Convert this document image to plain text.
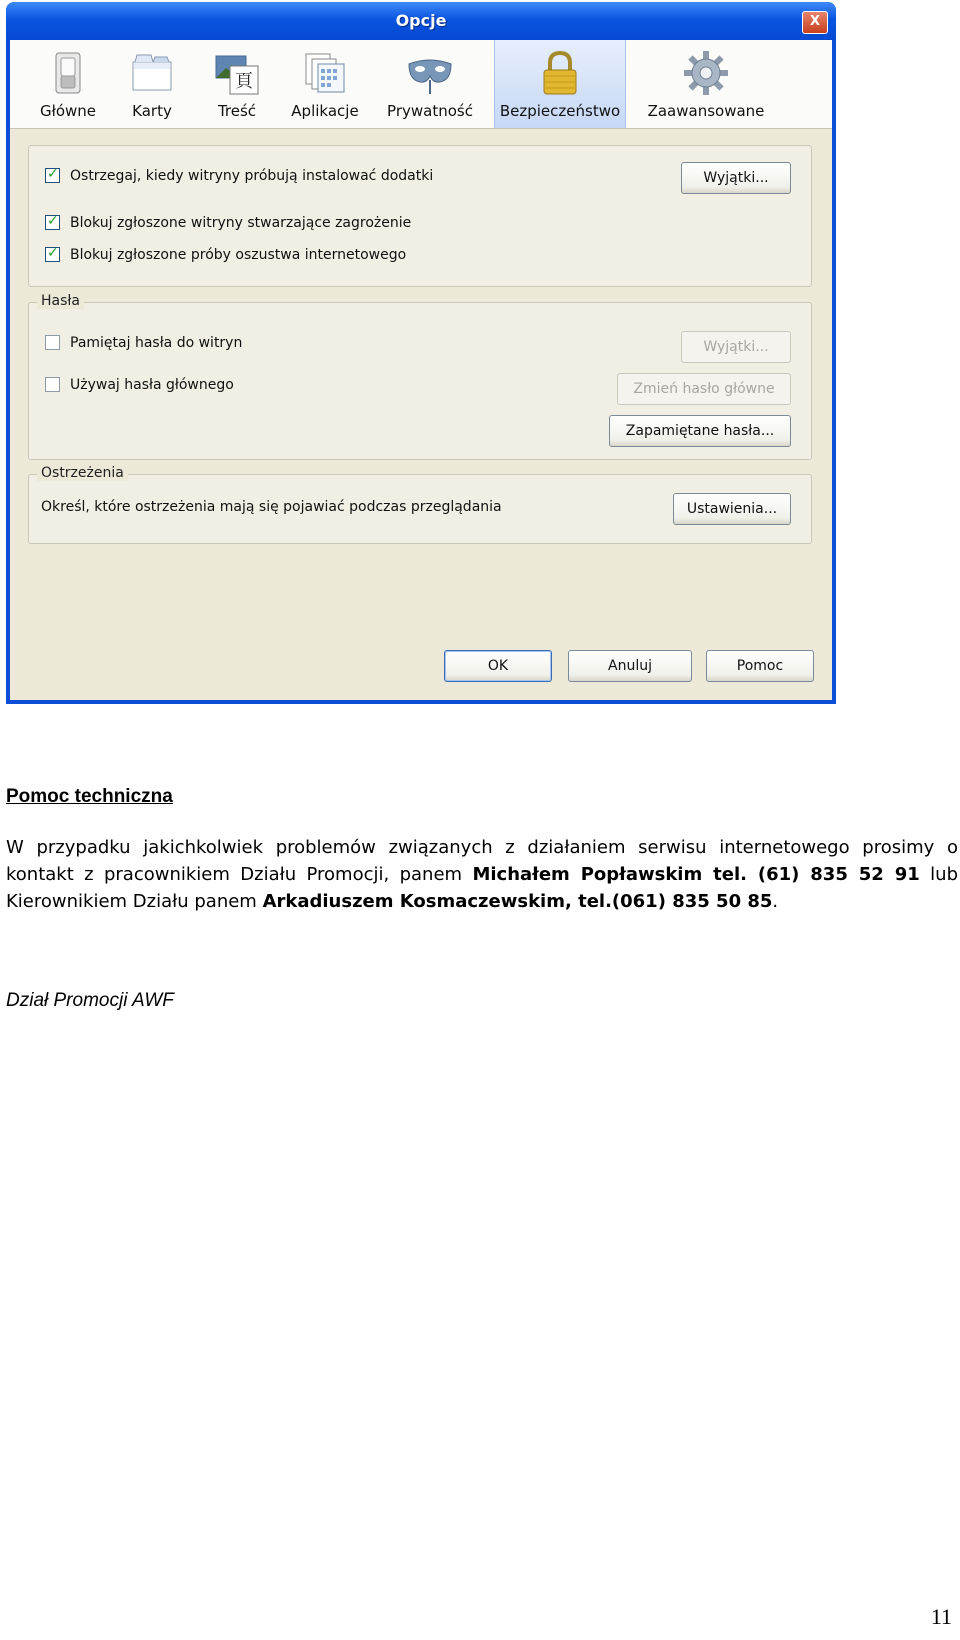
Opcje	X
Główne	Karty
頁
Treść	Aplikacje	Prywatność	Bezpieczeństwo	Zaawansowane
✓Ostrzegaj, kiedy witryny próbują instalować dodatki	Wyjątki...
✓Blokuj zgłoszone witryny stwarzające zagrożenie
✓Blokuj zgłoszone próby oszustwa internetowego
Hasła
Pamiętaj hasła do witryn	Wyjątki...
Używaj hasła głównego	Zmień hasło główne
Zapamiętane hasła...
Ostrzeżenia
Określ, które ostrzeżenia mają się pojawiać podczas przeglądania	Ustawienia...
OK	Anuluj	Pomoc
Pomoc techniczna
W przypadku jakichkolwiek problemów związanych z działaniem serwisu internetowego prosimy o kontakt z pracownikiem Działu Promocji, panem Michałem Popławskim tel. (61) 835 52 91 lub Kierownikiem Działu panem Arkadiuszem Kosmaczewskim, tel.(061) 835 50 85.
Dział Promocji AWF
11
